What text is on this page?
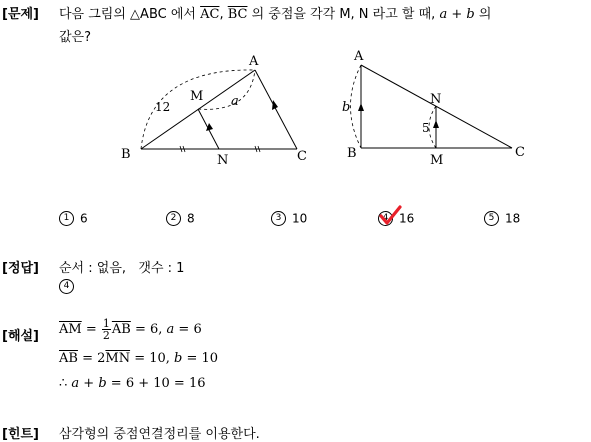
[문제] 다음 그림의 △ABC 에서 $\overline{AC}$, $\overline{BC}$ 의 중점을 각각 M, N 라고 할 때, a + b 의
값은?
A
B	C
M
N
12	a
A
B	C
N
M
b
5
1 6	2 8	3 10	4 16	5 18
[정답] 순서 : 없음,   갯수 : 1
4
[해설] $\overline{AM} = \frac{1}{2} \overline{AB} = 6$, a = 6
$\overline{AB} = 2\overline{MN} = 10$, b = 10
∴ a + b = 6 + 10 = 16
[힌트] 삼각형의 중점연결정리를 이용한다.
